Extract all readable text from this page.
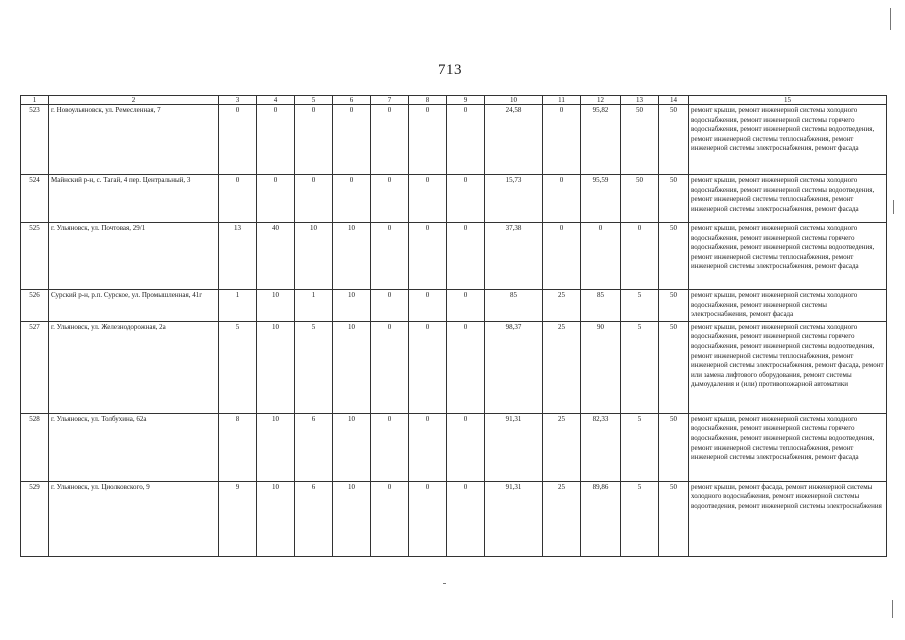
713
1	2	3	4	5	6	7	8	9	10	11	12	13	14	15
523	г. Новоульяновск, ул. Ремесленная, 7	0	0	0	0	0	0	0	24,58	0	95,82	50	50	ремонт крыши, ремонт инженерной системы холодного водоснабжения, ремонт инженерной системы горячего водоснабжения, ремонт инженерной системы водоотведения, ремонт инженерной системы теплоснабжения, ремонт инженерной системы электроснабжения, ремонт фасада
524	Майнский р-н, с. Тагай, 4 пер. Центральный, 3	0	0	0	0	0	0	0	15,73	0	95,59	50	50	ремонт крыши, ремонт инженерной системы холодного водоснабжения, ремонт инженерной системы водоотведения, ремонт инженерной системы теплоснабжения, ремонт инженерной системы электроснабжения, ремонт фасада
525	г. Ульяновск, ул. Почтовая, 29/1	13	40	10	10	0	0	0	37,38	0	0	0	50	ремонт крыши, ремонт инженерной системы холодного водоснабжения, ремонт инженерной системы горячего водоснабжения, ремонт инженерной системы водоотведения, ремонт инженерной системы теплоснабжения, ремонт инженерной системы электроснабжения, ремонт фасада
526	Сурский р-н, р.п. Сурское, ул. Промышленная, 41г	1	10	1	10	0	0	0	85	25	85	5	50	ремонт крыши, ремонт инженерной системы холодного водоснабжения, ремонт инженерной системы электроснабжения, ремонт фасада
527	г. Ульяновск, ул. Железнодорожная, 2а	5	10	5	10	0	0	0	98,37	25	90	5	50	ремонт крыши, ремонт инженерной системы холодного водоснабжения, ремонт инженерной системы горячего водоснабжения, ремонт инженерной системы водоотведения, ремонт инженерной системы теплоснабжения, ремонт инженерной системы электроснабжения, ремонт фасада, ремонт или замена лифтового оборудования, ремонт системы дымоудаления и (или) противопожарной автоматики
528	г. Ульяновск, ул. Толбухина, 62а	8	10	6	10	0	0	0	91,31	25	82,33	5	50	ремонт крыши, ремонт инженерной системы холодного водоснабжения, ремонт инженерной системы горячего водоснабжения, ремонт инженерной системы водоотведения, ремонт инженерной системы теплоснабжения, ремонт инженерной системы электроснабжения, ремонт фасада
529	г. Ульяновск, ул. Циолковского, 9	9	10	6	10	0	0	0	91,31	25	89,86	5	50	ремонт крыши, ремонт фасада, ремонт инженерной системы холодного водоснабжения, ремонт инженерной системы водоотведения, ремонт инженерной системы электроснабжения
